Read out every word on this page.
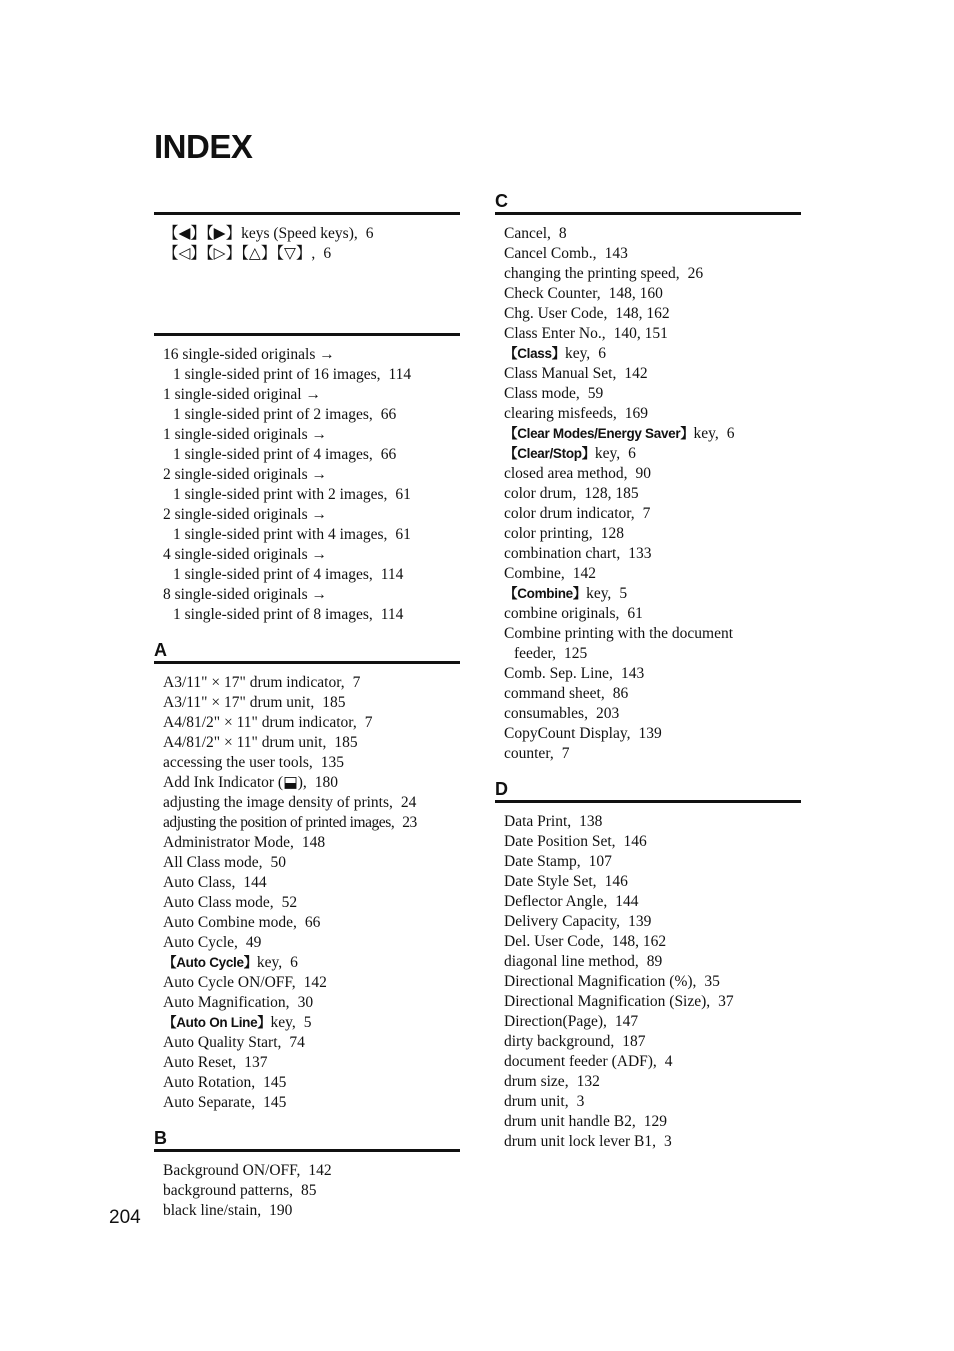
INDEX
【◀】【▶】keys (Speed keys), 6
【◁】【▷】【△】【▽】, 6
16 single-sided originals →
1 single-sided print of 16 images, 114
1 single-sided original →
1 single-sided print of 2 images, 66
1 single-sided originals →
1 single-sided print of 4 images, 66
2 single-sided originals →
1 single-sided print with 2 images, 61
2 single-sided originals →
1 single-sided print with 4 images, 61
4 single-sided originals →
1 single-sided print of 4 images, 114
8 single-sided originals →
1 single-sided print of 8 images, 114
A
A3/11" × 17" drum indicator, 7
A3/11" × 17" drum unit, 185
A4/81/2" × 11" drum indicator, 7
A4/81/2" × 11" drum unit, 185
accessing the user tools, 135
Add Ink Indicator (⬓), 180
adjusting the image density of prints, 24
adjusting the position of printed images, 23
Administrator Mode, 148
All Class mode, 50
Auto Class, 144
Auto Class mode, 52
Auto Combine mode, 66
Auto Cycle, 49
【Auto Cycle】key, 6
Auto Cycle ON/OFF, 142
Auto Magnification, 30
【Auto On Line】key, 5
Auto Quality Start, 74
Auto Reset, 137
Auto Rotation, 145
Auto Separate, 145
B
Background ON/OFF, 142
background patterns, 85
black line/stain, 190
C
Cancel, 8
Cancel Comb., 143
changing the printing speed, 26
Check Counter, 148, 160
Chg. User Code, 148, 162
Class Enter No., 140, 151
【Class】key, 6
Class Manual Set, 142
Class mode, 59
clearing misfeeds, 169
【Clear Modes/Energy Saver】key, 6
【Clear/Stop】key, 6
closed area method, 90
color drum, 128, 185
color drum indicator, 7
color printing, 128
combination chart, 133
Combine, 142
【Combine】key, 5
combine originals, 61
Combine printing with the document
feeder, 125
Comb. Sep. Line, 143
command sheet, 86
consumables, 203
CopyCount Display, 139
counter, 7
D
Data Print, 138
Date Position Set, 146
Date Stamp, 107
Date Style Set, 146
Deflector Angle, 144
Delivery Capacity, 139
Del. User Code, 148, 162
diagonal line method, 89
Directional Magnification (%), 35
Directional Magnification (Size), 37
Direction(Page), 147
dirty background, 187
document feeder (ADF), 4
drum size, 132
drum unit, 3
drum unit handle B2, 129
drum unit lock lever B1, 3
204
